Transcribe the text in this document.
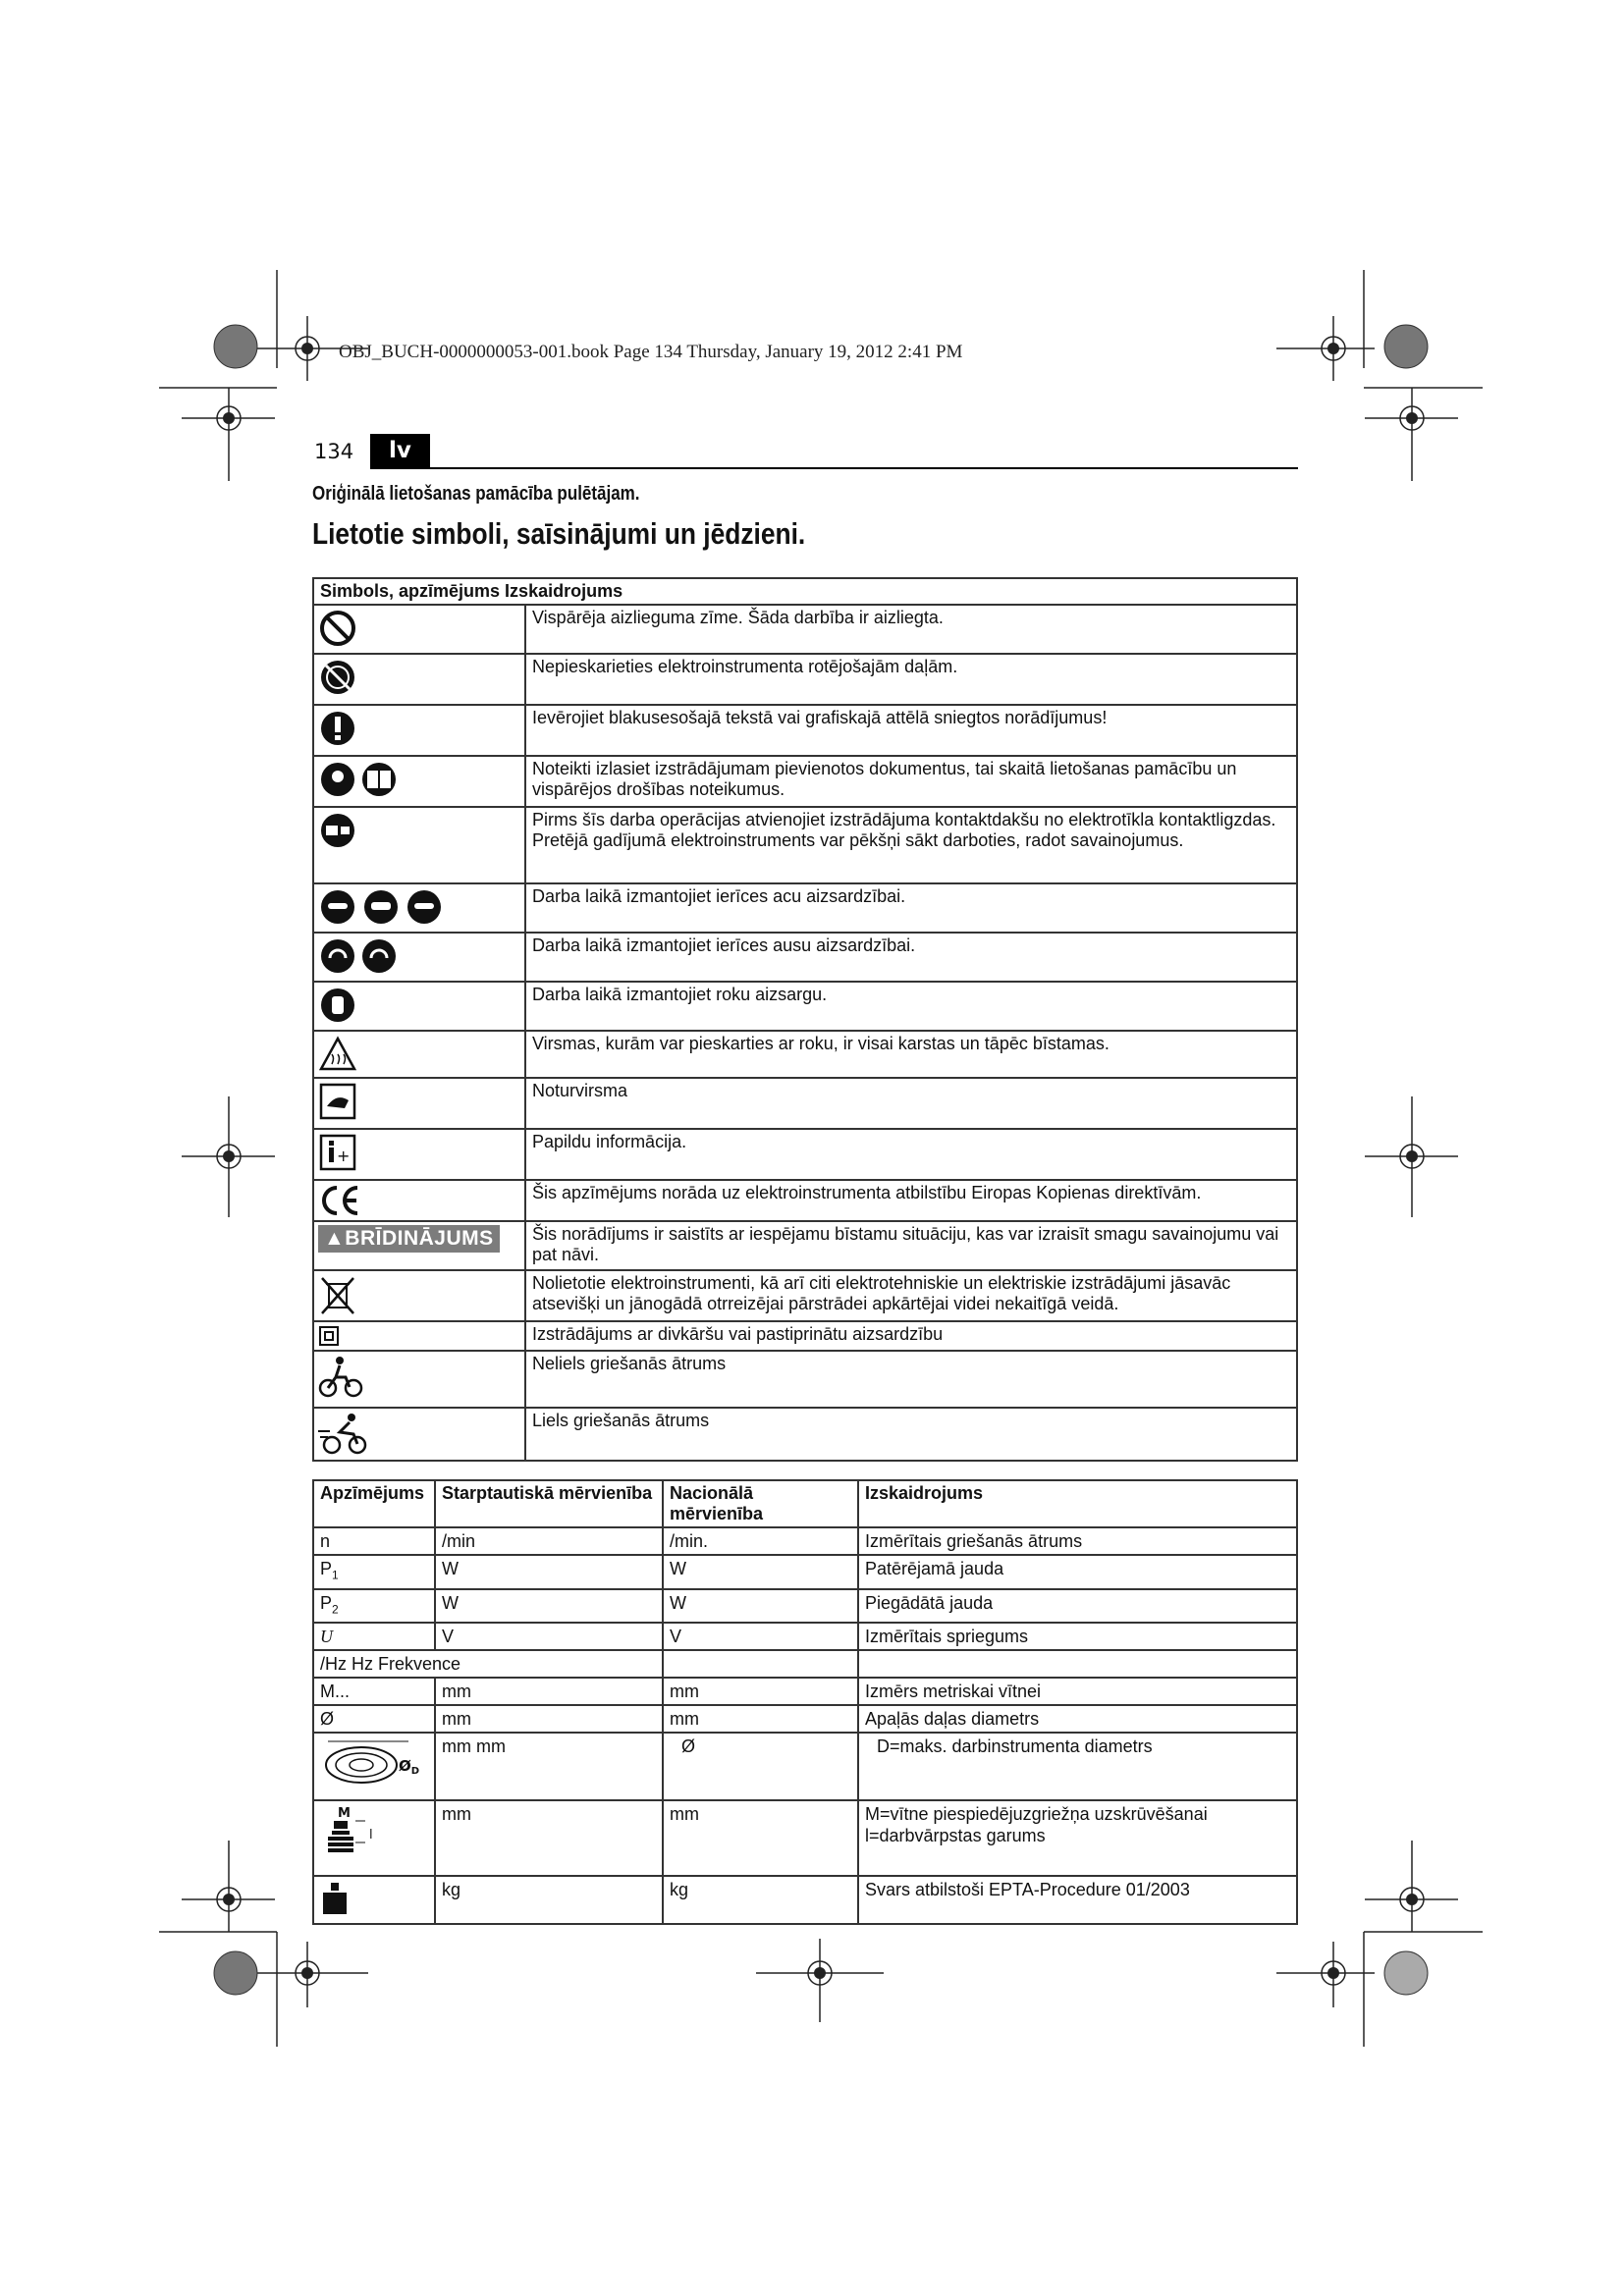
OBJ_BUCH-0000000053-001.book Page 134 Thursday, January 19, 2012 2:41 PM
134	lv
Oriģinālā lietošanas pamācība pulētājam.
Lietotie simboli, saīsinājumi un jēdzieni.
Simbols, apzīmējums Izskaidrojums	
	Vispārēja aizlieguma zīme. Šāda darbība ir aizliegta.
	Nepieskarieties elektroinstrumenta rotējošajām daļām.
	Ievērojiet blakusesošajā tekstā vai grafiskajā attēlā sniegtos norādījumus!
	Noteikti izlasiet izstrādājumam pievienotos dokumentus, tai skaitā lietošanas pamācību un vispārējos drošības noteikumus.
	Pirms šīs darba operācijas atvienojiet izstrādājuma kontaktdakšu no elektrotīkla kontaktligzdas. Pretējā gadījumā elektroinstruments var pēkšņi sākt darboties, radot savainojumus.
	Darba laikā izmantojiet ierīces acu aizsardzībai.
	Darba laikā izmantojiet ierīces ausu aizsardzībai.
	Darba laikā izmantojiet roku aizsargu.
	Virsmas, kurām var pieskarties ar roku, ir visai karstas un tāpēc bīstamas.
	Noturvirsma

+	Papildu informācija.
	Šis apzīmējums norāda uz elektroinstrumenta atbilstību Eiropas Kopienas direktīvām.
▲BRĪDINĀJUMS	Šis norādījums ir saistīts ar iespējamu bīstamu situāciju, kas var izraisīt smagu savainojumu vai pat nāvi.
	Nolietotie elektroinstrumenti, kā arī citi elektrotehniskie un elektriskie izstrādājumi jāsavāc atsevišķi un jānogādā otrreizējai pārstrādei apkārtējai videi nekaitīgā veidā.
	Izstrādājums ar divkāršu vai pastiprinātu aizsardzību
	Neliels griešanās ātrums
	Liels griešanās ātrums
Apzīmējums	Starptautiskā mērvienība	Nacionālā mērvienība	Izskaidrojums
n	/min	/min.	Izmērītais griešanās ātrums
$P_1$	W	W	Patērējamā jauda
$P_2$	W	W	Piegādātā jauda
U	V	V	Izmērītais spriegums
/Hz Hz Frekvence			
M...	mm	mm	Izmērs metriskai vītnei
Ø	mm	mm	Apaļās daļas diametrs

$Ø_D$	mm mm	Ø	D=maks. darbinstrumenta diametrs

M
l	mm	mm	M=vītne piespiedējuzgriežņa uzskrūvēšanai
l=darbvārpstas garums
	kg	kg	Svars atbilstoši EPTA-Procedure 01/2003
